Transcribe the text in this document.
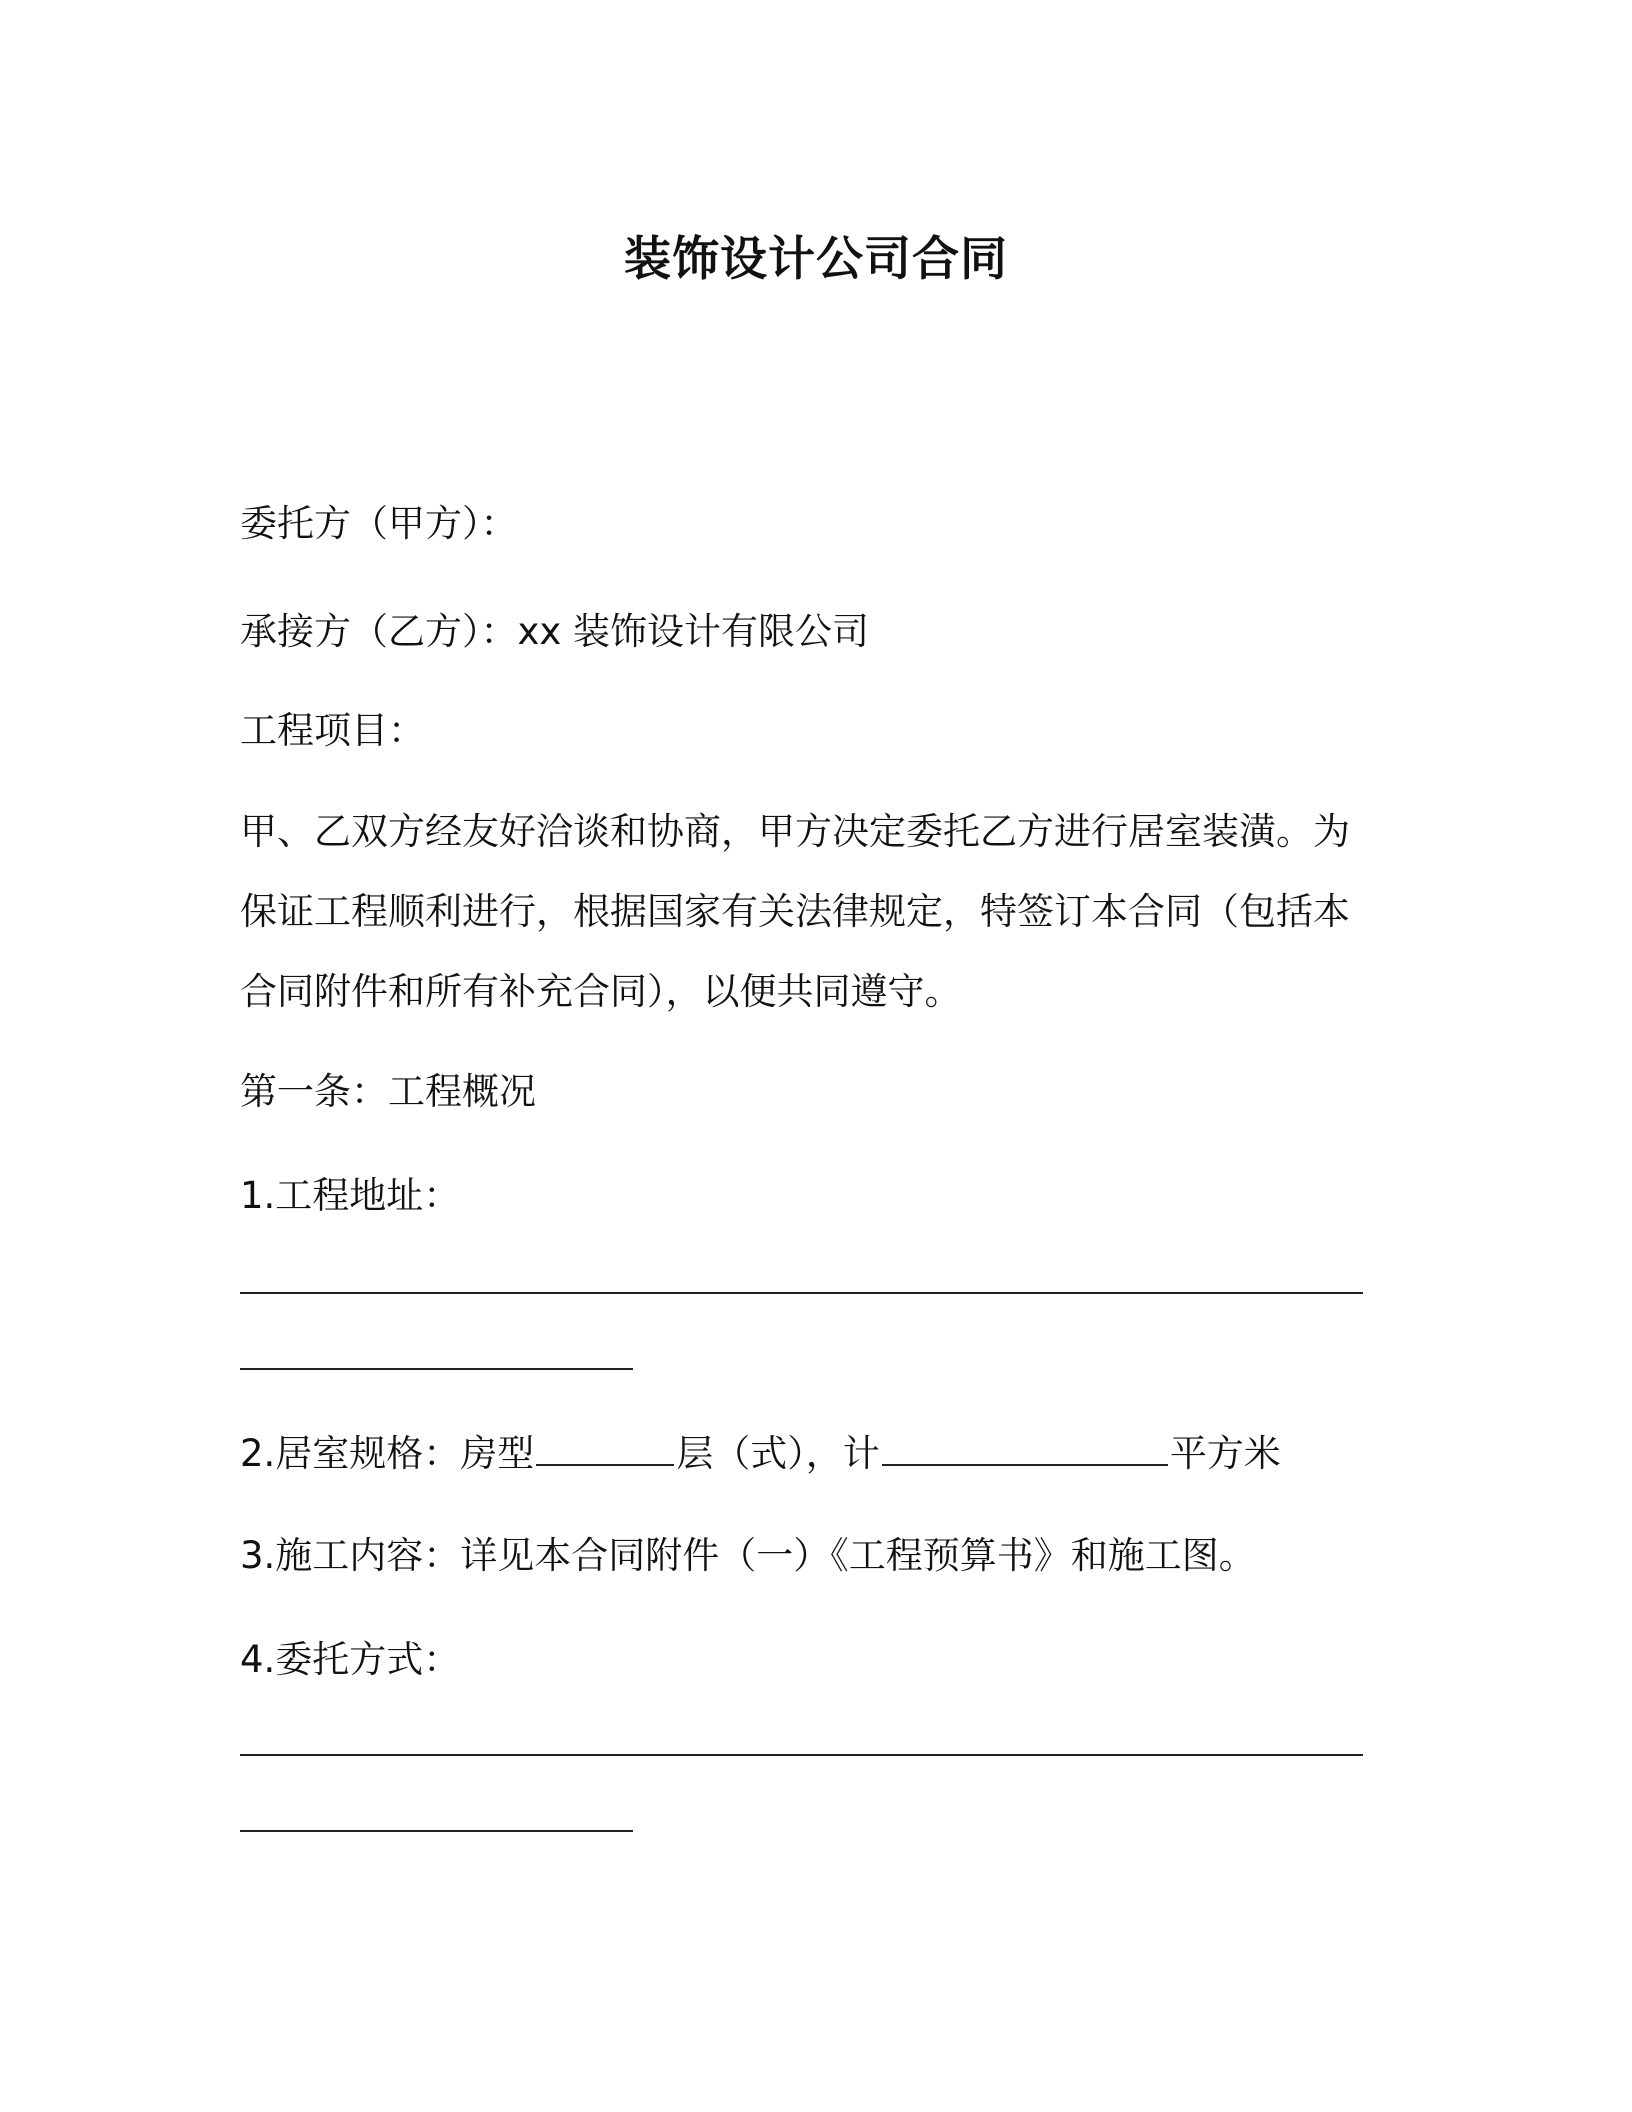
装饰设计公司合同
委托方（甲方）：
承接方（乙方）：xx 装饰设计有限公司
工程项目：
甲、乙双方经友好洽谈和协商，甲方决定委托乙方进行居室装潢。为
保证工程顺利进行，根据国家有关法律规定，特签订本合同（包括本
合同附件和所有补充合同），以便共同遵守。
第一条：工程概况
1.工程地址：
2.居室规格：房型	层（式），计	平方米
3.施工内容：详见本合同附件（一）《工程预算书》和施工图。
4.委托方式：
